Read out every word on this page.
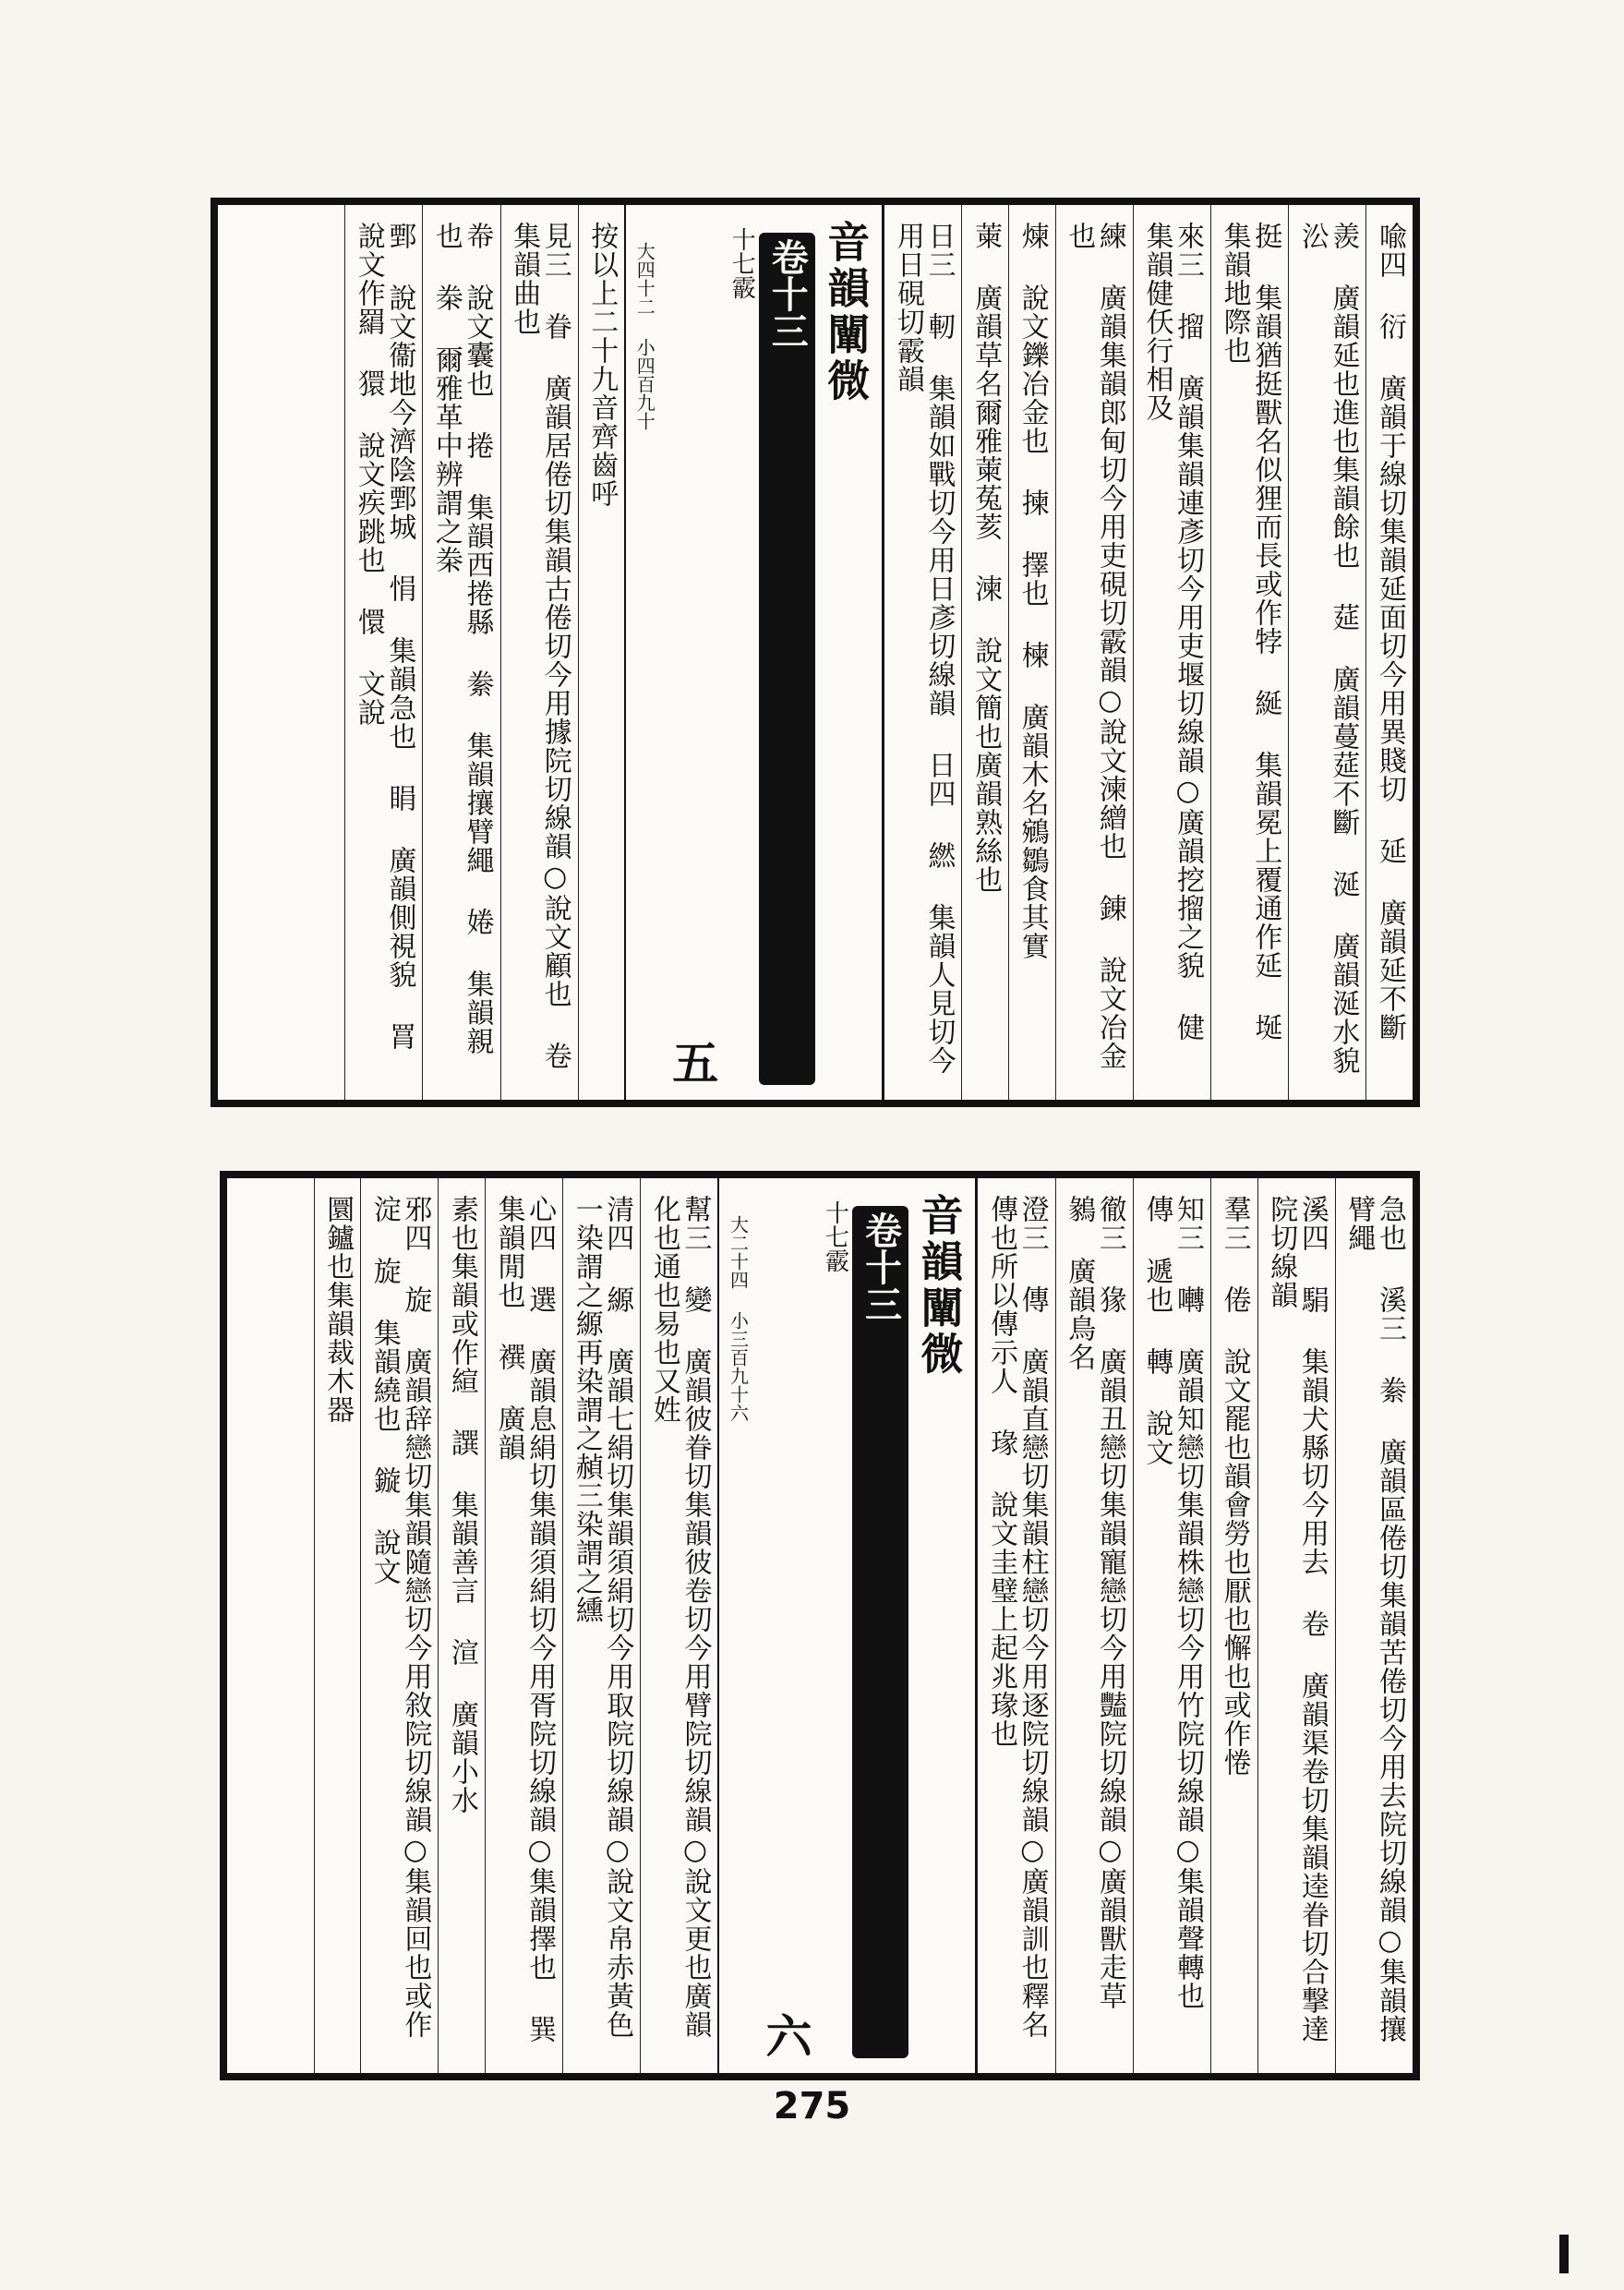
喩四 衍 廣韻于線切集韻延面切今用異賤切 延 廣韻延不斷
羨 廣韻延也進也集韻餘也 莚 廣韻蔓莚不斷 涎 廣韻涎水貌 㳂
挺 集韻猶挺獸名似狸而長或作㹀 綖 集韻冕上覆通作延 埏 集韻地際也
來三 㨨 廣韻集韻連彥切今用吏堰切線韻○廣韻挖㨨之貌 健 集韻健仸行相及
練 廣韻集韻郎甸切今用吏硯切霰韻○說文湅繒也 錬 說文冶金也
煉 說文鑠冶金也 揀 擇也 楝 廣韻木名鵷鶵食其實
萰 廣韻草名爾雅萰菟荄 湅 說文簡也廣韻熟絲也
日三 軔 集韻如戰切今用日彥切線韻 日四 繎 集韻人見切今用日硯切霰韻
音韻闡微
卷十三
十七霰
五
大四十二 小四百九十
按以上二十九音齊齒呼
見三 眷 廣韻居倦切集韻古倦切今用據院切線韻○說文顧也 卷 集韻曲也
帣 說文囊也 捲 集韻西捲縣 絭 集韻攘臂繩 婘 集韻親也 桊 爾雅革中辨謂之桊
鄄 說文衞地今濟陰鄄城 悁 集韻急也 睊 廣韻側視貌 罥 說文作羂 獧 說文疾跳也 懁 文說
急也 溪三 絭 廣韻區倦切集韻苦倦切今用去院切線韻○集韻攘臂繩
溪四 駽 集韻犬縣切今用去 卷 廣韻渠卷切集韻逵眷切合撃達院切線韻
羣三 倦 說文罷也韻會勞也厭也懈也或作惓
知三 囀 廣韻知戀切集韻株戀切今用竹院切線韻○集韻聲轉也 傳 遞也 轉 說文
徹三 猭 廣韻丑戀切集韻寵戀切今用豔院切線韻○廣韻獸走草 鶨 廣韻鳥名
澄三 傳 廣韻直戀切集韻柱戀切今用逐院切線韻○廣韻訓也釋名傳也所以傳示人 瑑 說文圭璧上起兆瑑也
音韻闡微
卷十三
十七霰
六
大二十四 小三百九十六
幫三 變 廣韻彼眷切集韻彼卷切今用臂院切線韻○說文更也廣韻化也通也易也又姓
清四 縓 廣韻七絹切集韻須絹切今用取院切線韻○說文帛赤黃色一染謂之縓再染謂之赬三染謂之纁
心四 選 廣韻息絹切集韻須絹切今用胥院切線韻○集韻擇也 巽 集韻閒也 襈 廣韻
素也集韻或作縇 譔 集韻善言 渲 廣韻小水
邪四 旋 廣韻辞戀切集韻隨戀切今用敘院切線韻○集韻回也或作淀 旋 集韻繞也 鏇 說文
圜鑪也集韻裁木器
275
